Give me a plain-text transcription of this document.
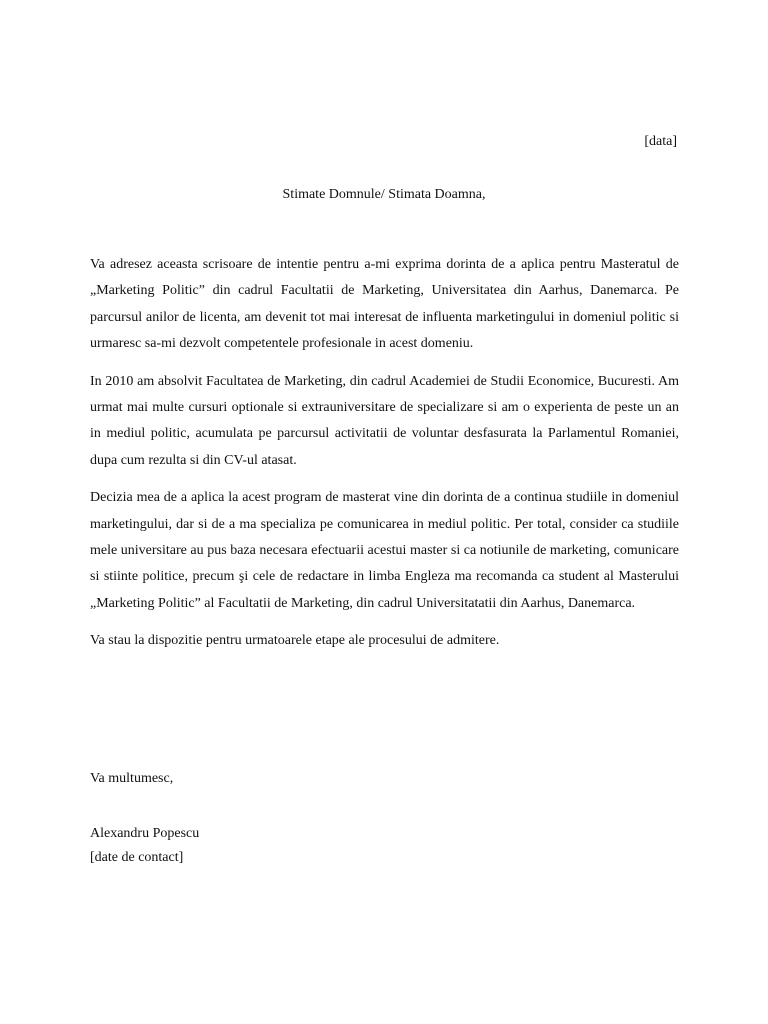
[data]
Stimate Domnule/ Stimata Doamna,

Va adresez aceasta scrisoare de intentie pentru a-mi exprima dorinta de a aplica pentru Masteratul de „Marketing Politic” din cadrul Facultatii de Marketing, Universitatea din Aarhus, Danemarca. Pe parcursul anilor de licenta, am devenit tot mai interesat de influenta marketingului in domeniul politic si urmaresc sa-mi dezvolt competentele profesionale in acest domeniu.

In 2010 am absolvit Facultatea de Marketing, din cadrul Academiei de Studii Economice, Bucuresti. Am urmat mai multe cursuri optionale si extrauniversitare de specializare si am o experienta de peste un an in mediul politic, acumulata pe parcursul activitatii de voluntar desfasurata la Parlamentul Romaniei, dupa cum rezulta si din CV-ul atasat.

Decizia mea de a aplica la acest program de masterat vine din dorinta de a continua studiile in domeniul marketingului, dar si de a ma specializa pe comunicarea in mediul politic. Per total, consider ca studiile mele universitare au pus baza necesara efectuarii acestui master si ca notiunile de marketing, comunicare si stiinte politice, precum şi cele de redactare in limba Engleza ma recomanda ca student al Masterului „Marketing Politic” al Facultatii de Marketing, din cadrul Universitatatii din Aarhus, Danemarca.

Va stau la dispozitie pentru urmatoarele etape ale procesului de admitere.

Va multumesc,
Alexandru Popescu
[date de contact]
